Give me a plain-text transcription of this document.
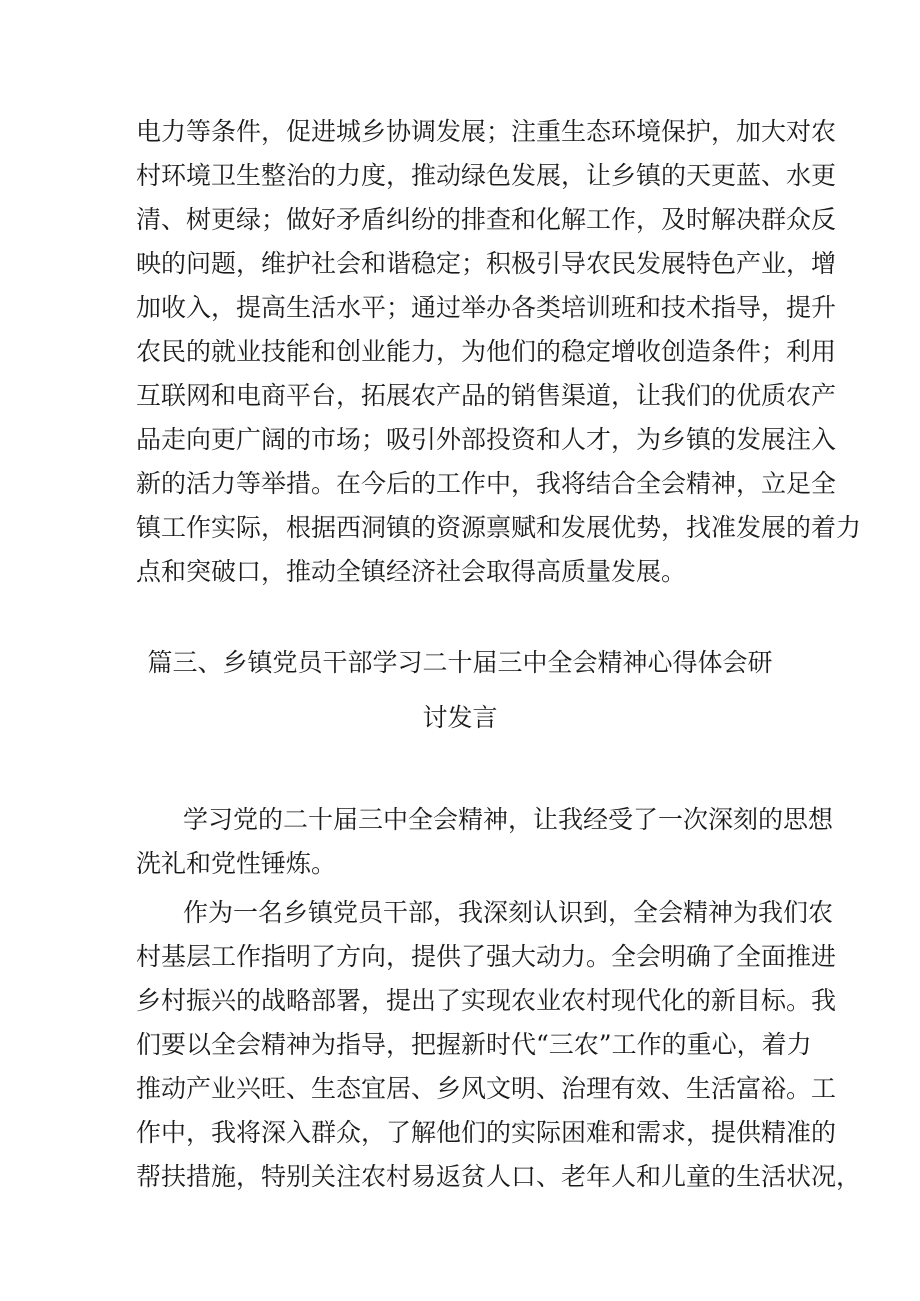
电力等条件，促进城乡协调发展；注重生态环境保护，加大对农
村环境卫生整治的力度，推动绿色发展，让乡镇的天更蓝、水更
清、树更绿；做好矛盾纠纷的排查和化解工作，及时解决群众反
映的问题，维护社会和谐稳定；积极引导农民发展特色产业，增
加收入，提高生活水平；通过举办各类培训班和技术指导，提升
农民的就业技能和创业能力，为他们的稳定增收创造条件；利用
互联网和电商平台，拓展农产品的销售渠道，让我们的优质农产
品走向更广阔的市场；吸引外部投资和人才，为乡镇的发展注入
新的活力等举措。在今后的工作中，我将结合全会精神，立足全
镇工作实际，根据西洞镇的资源禀赋和发展优势，找准发展的着力
点和突破口，推动全镇经济社会取得高质量发展。
篇三、乡镇党员干部学习二十届三中全会精神心得体会研
讨发言
学习党的二十届三中全会精神，让我经受了一次深刻的思想
洗礼和党性锤炼。
作为一名乡镇党员干部，我深刻认识到，全会精神为我们农
村基层工作指明了方向，提供了强大动力。全会明确了全面推进
乡村振兴的战略部署，提出了实现农业农村现代化的新目标。我
们要以全会精神为指导，把握新时代“三农”工作的重心，着力
推动产业兴旺、生态宜居、乡风文明、治理有效、生活富裕。工
作中，我将深入群众，了解他们的实际困难和需求，提供精准的
帮扶措施，特别关注农村易返贫人口、老年人和儿童的生活状况，
